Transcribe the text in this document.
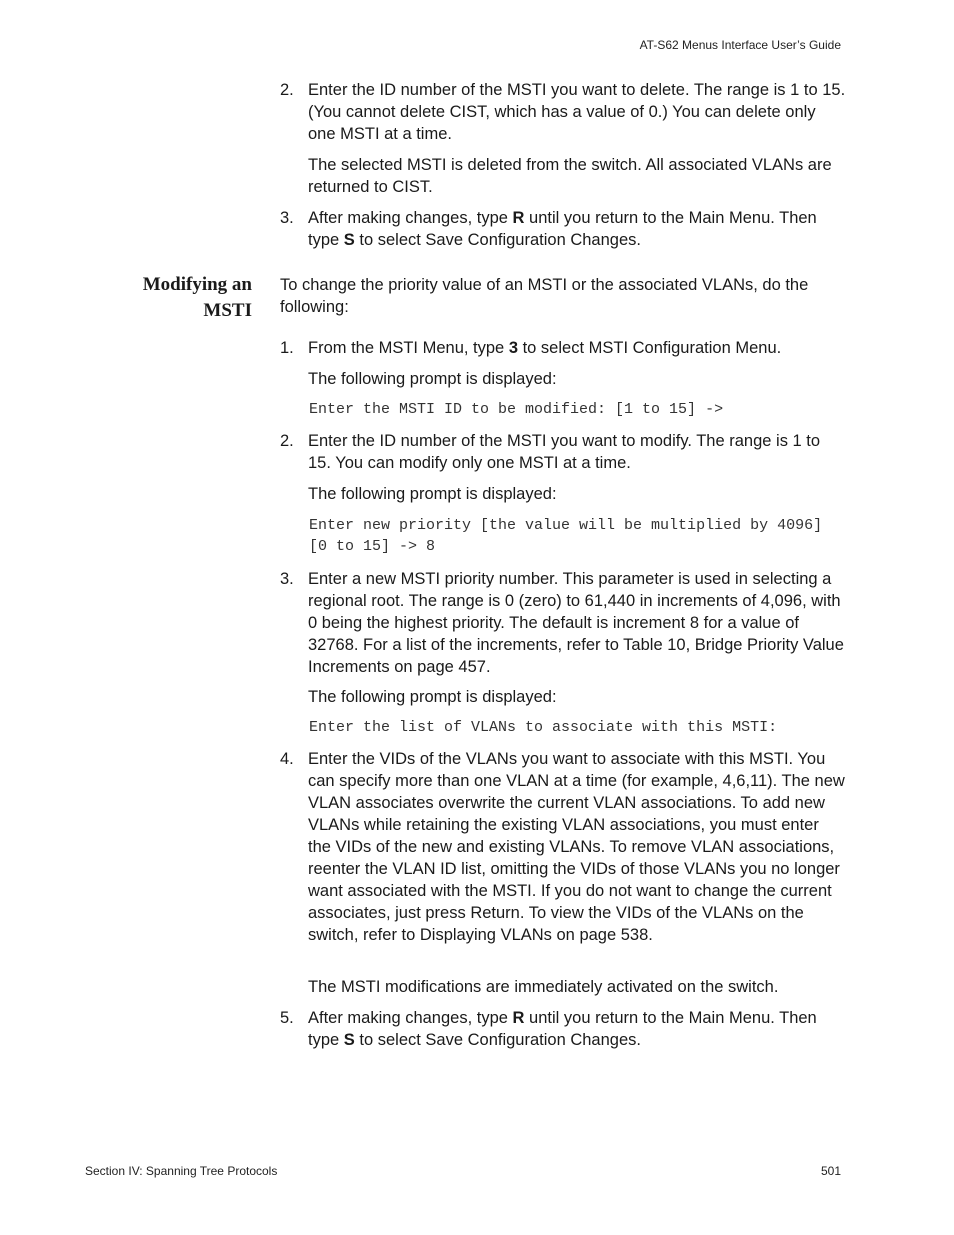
AT-S62 Menus Interface User’s Guide
2. Enter the ID number of the MSTI you want to delete. The range is 1 to 15. (You cannot delete CIST, which has a value of 0.) You can delete only one MSTI at a time.

The selected MSTI is deleted from the switch. All associated VLANs are returned to CIST.

3. After making changes, type R until you return to the Main Menu. Then type S to select Save Configuration Changes.

Modifying an
MSTI

To change the priority value of an MSTI or the associated VLANs, do the following:

1. From the MSTI Menu, type 3 to select MSTI Configuration Menu.

The following prompt is displayed:

Enter the MSTI ID to be modified: [1 to 15] ->
2. Enter the ID number of the MSTI you want to modify. The range is 1 to 15. You can modify only one MSTI at a time.

The following prompt is displayed:

Enter new priority [the value will be multiplied by 4096] [0 to 15] -> 8
3. Enter a new MSTI priority number. This parameter is used in selecting a regional root. The range is 0 (zero) to 61,440 in increments of 4,096, with 0 being the highest priority. The default is increment 8 for a value of 32768. For a list of the increments, refer to Table 10, Bridge Priority Value Increments on page 457.

The following prompt is displayed:

Enter the list of VLANs to associate with this MSTI:
4. Enter the VIDs of the VLANs you want to associate with this MSTI. You can specify more than one VLAN at a time (for example, 4,6,11). The new VLAN associates overwrite the current VLAN associations. To add new VLANs while retaining the existing VLAN associations, you must enter the VIDs of the new and existing VLANs. To remove VLAN associations, reenter the VLAN ID list, omitting the VIDs of those VLANs you no longer want associated with the MSTI. If you do not want to change the current associates, just press Return. To view the VIDs of the VLANs on the switch, refer to Displaying VLANs on page 538.

The MSTI modifications are immediately activated on the switch.

5. After making changes, type R until you return to the Main Menu. Then type S to select Save Configuration Changes.

Section IV: Spanning Tree Protocols	501
